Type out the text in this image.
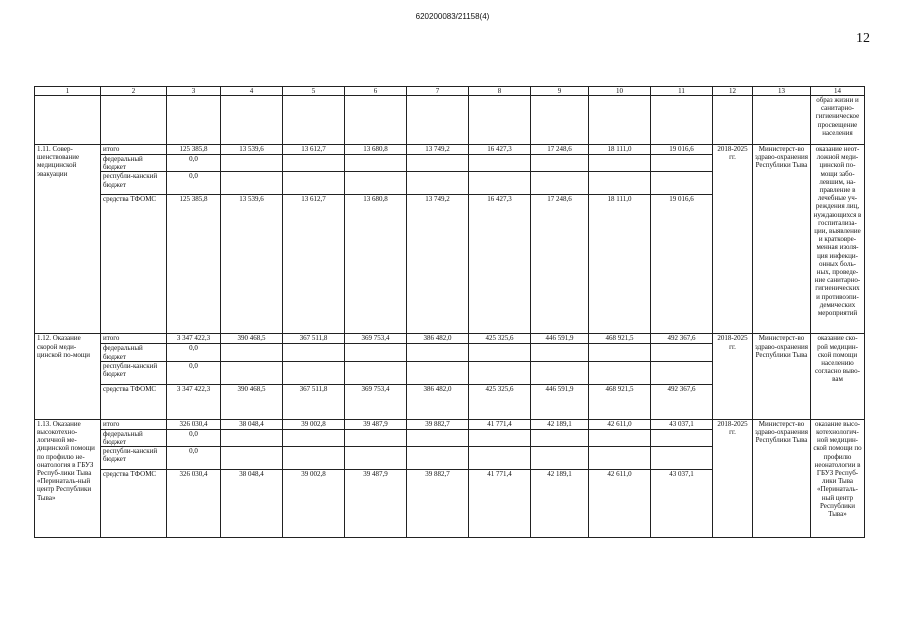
620200083/21158(4)
12
1	2	3	4	5	6	7	8	9	10	11	12	13	14
													образ жизни и санитарно-гигиеническое просвещение населения
1.11. Совер-шенствование медицинской эвакуации	итого	125 385,8	13 539,6	13 612,7	13 680,8	13 749,2	16 427,3	17 248,6	18 111,0	19 016,6	2018-2025 гг.	Министерст-во здраво-охранения Республики Тыва	оказание неот-ложной меди-цинской по-мощи забо-левшим, на-правление в лечебные уч-реждения лиц, нуждающихся в госпитализа-ции, выявление и кратковре-менная изоля-ция инфекци-онных боль-ных, проведе-ние санитарно-гигиенических и противоэпи-демических мероприятий
	федеральный бюджет	0,0											
	республи-канский бюджет	0,0											
	средства ТФОМС	125 385,8	13 539,6	13 612,7	13 680,8	13 749,2	16 427,3	17 248,6	18 111,0	19 016,6			
1.12. Оказание скорой меди-цинской по-мощи	итого	3 347 422,3	390 468,5	367 511,8	369 753,4	386 482,0	425 325,6	446 591,9	468 921,5	492 367,6	2018-2025 гг.	Министерст-во здраво-охранения Республики Тыва	оказание ско-рой медицин-ской помощи населению согласно выво-вам
	федеральный бюджет	0,0											
	республи-канский бюджет	0,0											
	средства ТФОМС	3 347 422,3	390 468,5	367 511,8	369 753,4	386 482,0	425 325,6	446 591,9	468 921,5	492 367,6			
1.13. Оказание высокотехно-логичной ме-дицинской помощи по профилю не-онатология в ГБУЗ Респуб-лики Тыва «Перинаталь-ный центр Республики Тыва»	итого	326 030,4	38 048,4	39 002,8	39 487,9	39 882,7	41 771,4	42 189,1	42 611,0	43 037,1	2018-2025 гг.	Министерст-во здраво-охранения Республики Тыва	оказание высо-котехнологич-ной медицин-ской помощи по профилю неонатологии в ГБУЗ Респуб-лики Тыва «Перинаталь-ный центр Республики Тыва»
	федеральный бюджет	0,0											
	республи-канский бюджет	0,0											
	средства ТФОМС	326 030,4	38 048,4	39 002,8	39 487,9	39 882,7	41 771,4	42 189,1	42 611,0	43 037,1			
